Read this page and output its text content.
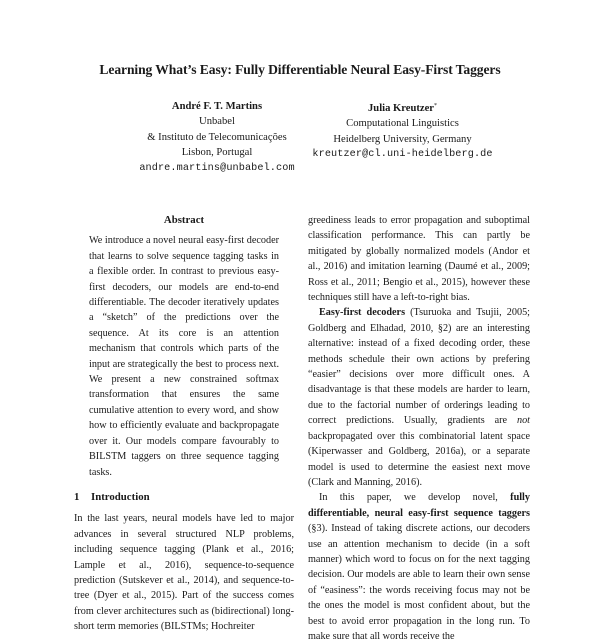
Learning What’s Easy: Fully Differentiable Neural Easy-First Taggers
André F. T. Martins
Unbabel
& Instituto de Telecomunicações
Lisbon, Portugal
andre.martins@unbabel.com
Julia Kreutzer*
Computational Linguistics
Heidelberg University, Germany
kreutzer@cl.uni-heidelberg.de
Abstract

We introduce a novel neural easy-first decoder that learns to solve sequence tagging tasks in a flexible order. In contrast to previous easy-first decoders, our models are end-to-end differentiable. The decoder iteratively updates a “sketch” of the predictions over the sequence. At its core is an attention mechanism that controls which parts of the input are strategically the best to process next. We present a new constrained softmax transformation that ensures the same cumulative attention to every word, and show how to efficiently evaluate and backpropagate over it. Our models compare favourably to BILSTM taggers on three sequence tagging tasks.

1 Introduction

In the last years, neural models have led to major advances in several structured NLP problems, including sequence tagging (Plank et al., 2016; Lample et al., 2016), sequence-to-sequence prediction (Sutskever et al., 2014), and sequence-to-tree (Dyer et al., 2015). Part of the success comes from clever architectures such as (bidirectional) long-short term memories (BILSTMs; Hochreiter

greediness leads to error propagation and suboptimal classification performance. This can partly be mitigated by globally normalized models (Andor et al., 2016) and imitation learning (Daumé et al., 2009; Ross et al., 2011; Bengio et al., 2015), however these techniques still have a left-to-right bias.

Easy-first decoders (Tsuruoka and Tsujii, 2005; Goldberg and Elhadad, 2010, §2) are an interesting alternative: instead of a fixed decoding order, these methods schedule their own actions by prefering “easier” decisions over more difficult ones. A disadvantage is that these models are harder to learn, due to the factorial number of orderings leading to correct predictions. Usually, gradients are not backpropagated over this combinatorial latent space (Kiperwasser and Goldberg, 2016a), or a separate model is used to determine the easiest next move (Clark and Manning, 2016).

In this paper, we develop novel, fully differentiable, neural easy-first sequence taggers (§3). Instead of taking discrete actions, our decoders use an attention mechanism to decide (in a soft manner) which word to focus on for the next tagging decision. Our models are able to learn their own sense of “easiness”: the words receiving focus may not be the ones the model is most confident about, but the best to avoid error propagation in the long run. To make sure that all words receive the
